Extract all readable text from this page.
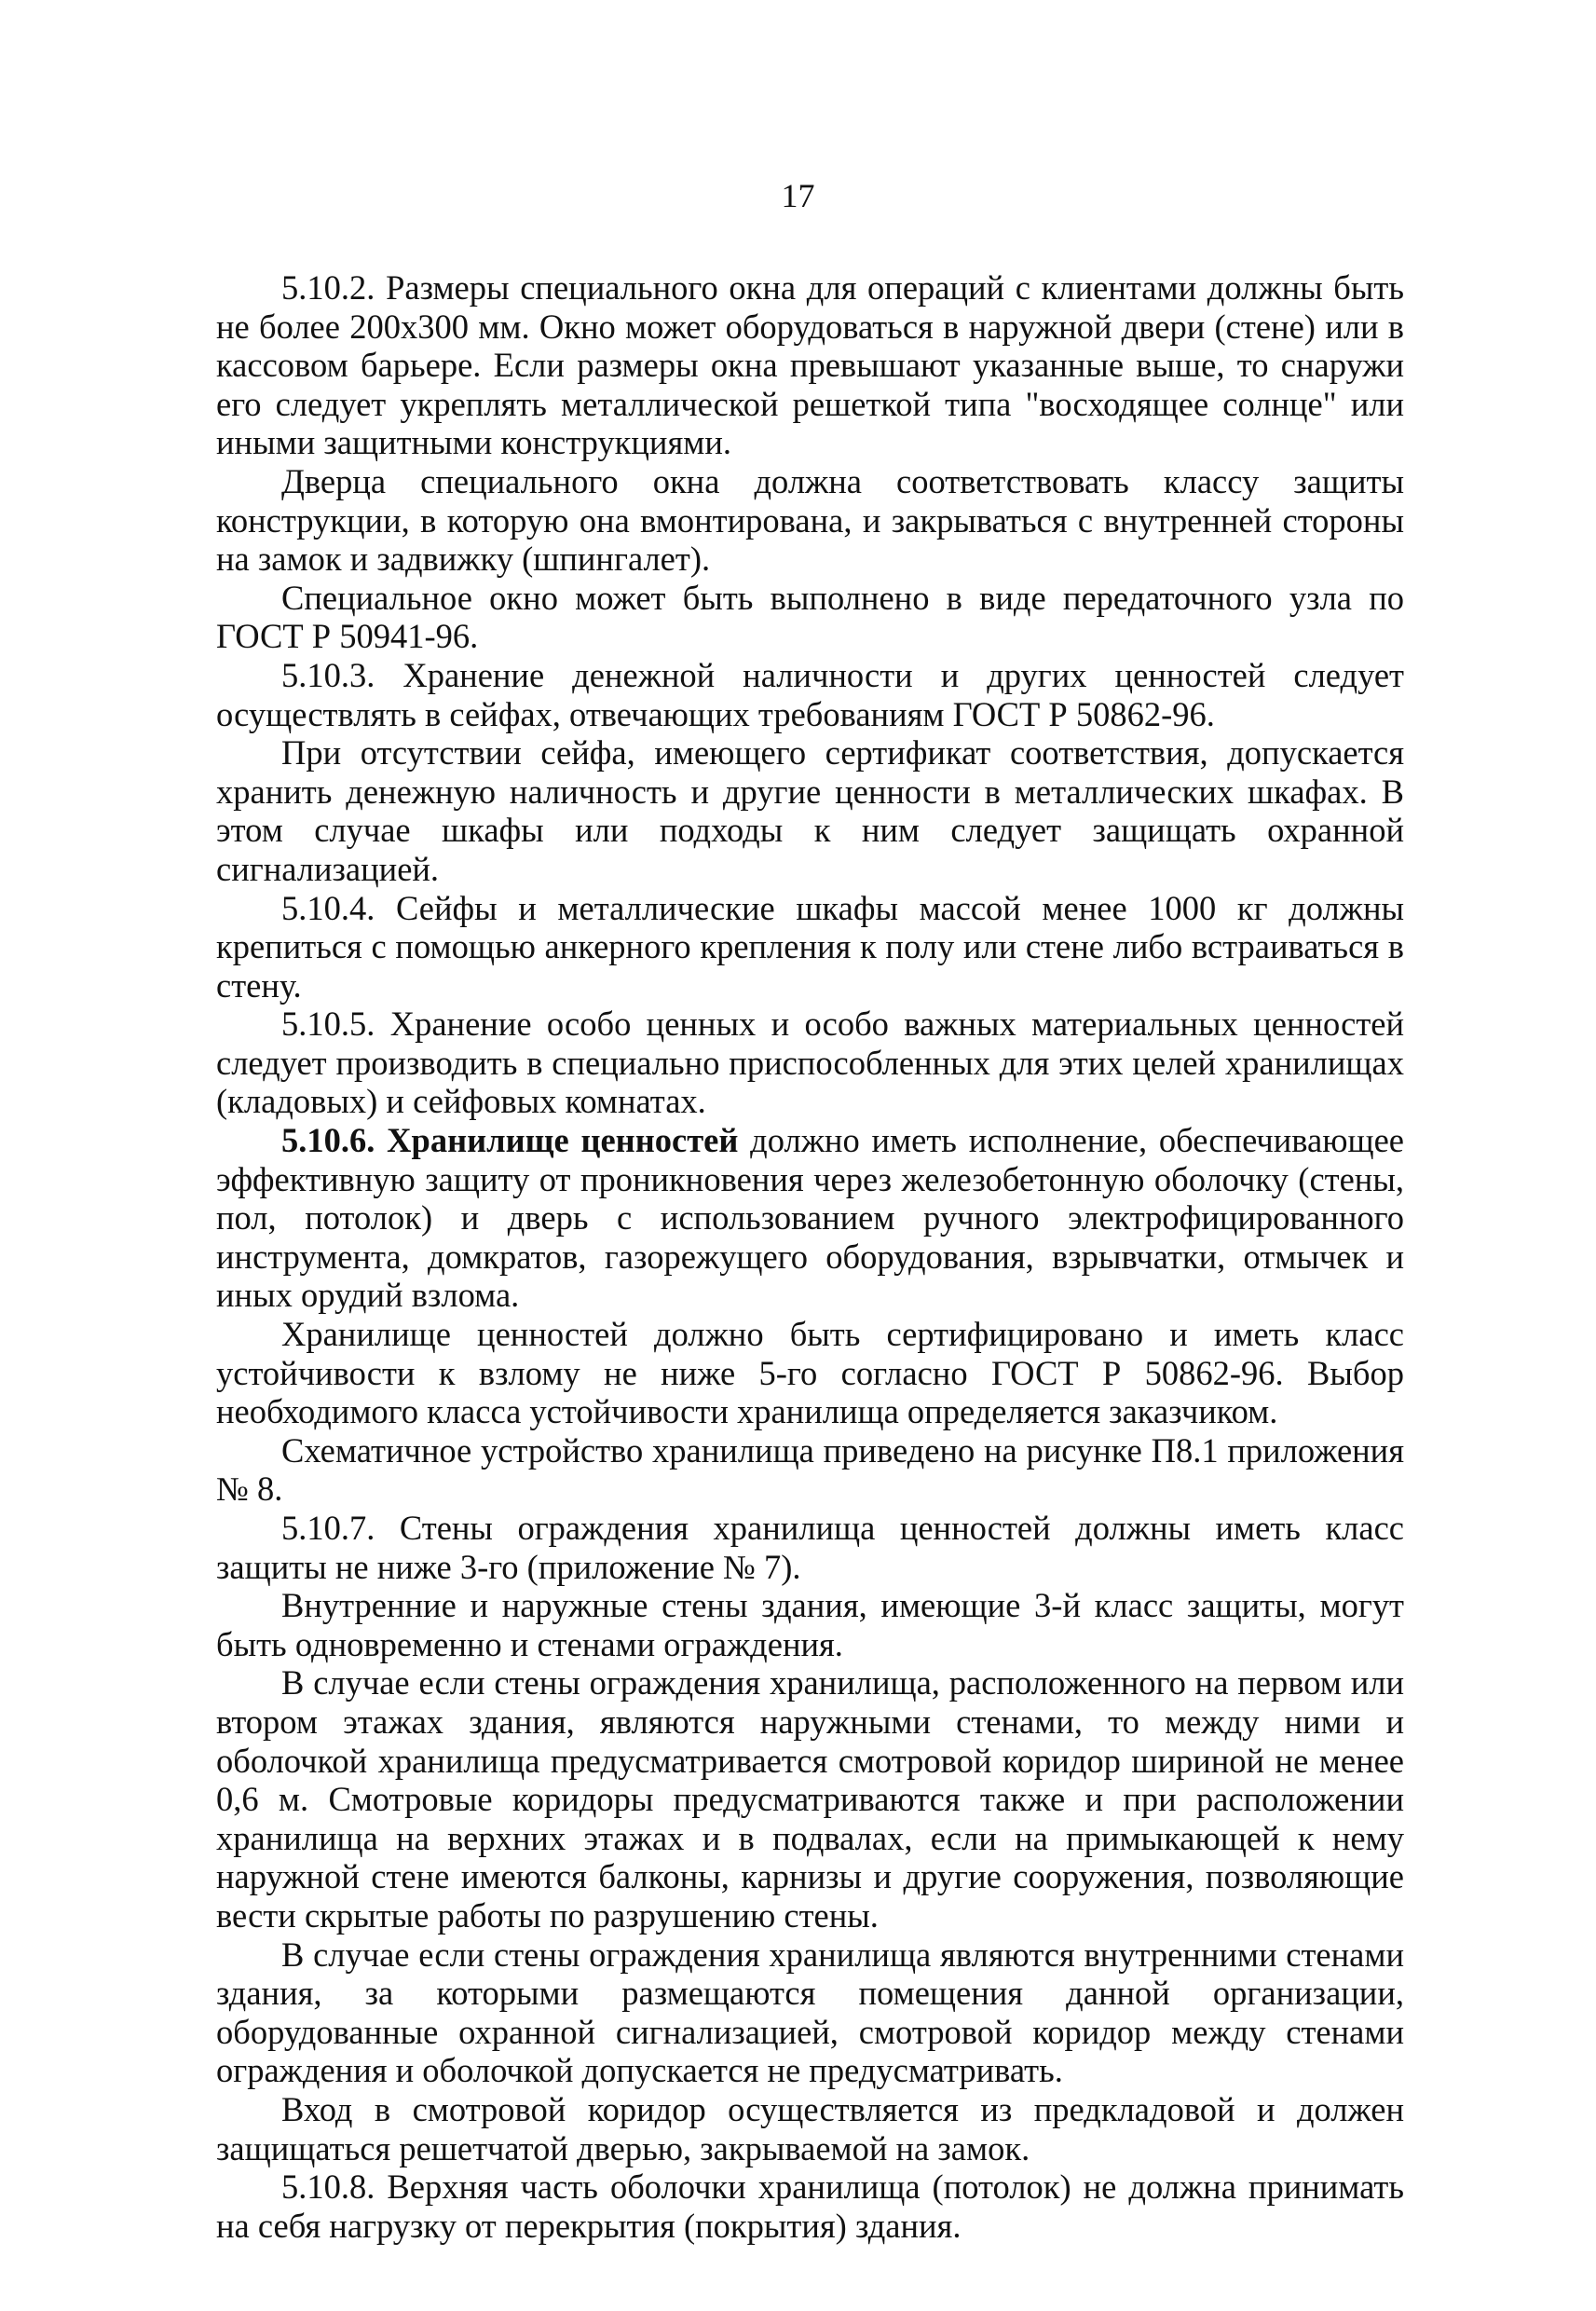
17

5.10.2. Размеры специального окна для операций с клиентами должны быть не более 200х300 мм. Окно может оборудоваться в наружной двери (стене) или в кассовом барьере. Если размеры окна превышают указанные выше, то снаружи его следует укреплять металлической решеткой типа "восходящее солнце" или иными защитными конструкциями.

Дверца специального окна должна соответствовать классу защиты конструкции, в которую она вмонтирована, и закрываться с внутренней стороны на замок и задвижку (шпингалет).

Специальное окно может быть выполнено в виде передаточного узла по ГОСТ Р 50941-96.

5.10.3. Хранение денежной наличности и других ценностей следует осуществлять в сейфах, отвечающих требованиям ГОСТ Р 50862-96.

При отсутствии сейфа, имеющего сертификат соответствия, допускается хранить денежную наличность и другие ценности в металлических шкафах. В этом случае шкафы или подходы к ним следует защищать охранной сигнализацией.

5.10.4. Сейфы и металлические шкафы массой менее 1000 кг должны крепиться с помощью анкерного крепления к полу или стене либо встраиваться в стену.

5.10.5. Хранение особо ценных и особо важных материальных ценностей следует производить в специально приспособленных для этих целей хранилищах (кладовых) и сейфовых комнатах.

5.10.6. Хранилище ценностей должно иметь исполнение, обеспечивающее эффективную защиту от проникновения через железобетонную оболочку (стены, пол, потолок) и дверь с использованием ручного электрофицированного инструмента, домкратов, газорежущего оборудования, взрывчатки, отмычек и иных орудий взлома.

Хранилище ценностей должно быть сертифицировано и иметь класс устойчивости к взлому не ниже 5-го согласно ГОСТ Р 50862-96. Выбор необходимого класса устойчивости хранилища определяется заказчиком.

Схематичное устройство хранилища приведено на рисунке П8.1 приложения № 8.

5.10.7. Стены ограждения хранилища ценностей должны иметь класс защиты не ниже 3-го (приложение № 7).

Внутренние и наружные стены здания, имеющие 3-й класс защиты, могут быть одновременно и стенами ограждения.

В случае если стены ограждения хранилища, расположенного на первом или втором этажах здания, являются наружными стенами, то между ними и оболочкой хранилища предусматривается смотровой коридор шириной не менее 0,6 м. Смотровые коридоры предусматриваются также и при расположении хранилища на верхних этажах и в подвалах, если на примыкающей к нему наружной стене имеются балконы, карнизы и другие сооружения, позволяющие вести скрытые работы по разрушению стены.

В случае если стены ограждения хранилища являются внутренними стенами здания, за которыми размещаются помещения данной организации, оборудованные охранной сигнализацией, смотровой коридор между стенами ограждения и оболочкой допускается не предусматривать.

Вход в смотровой коридор осуществляется из предкладовой и должен защищаться решетчатой дверью, закрываемой на замок.

5.10.8. Верхняя часть оболочки хранилища (потолок) не должна принимать на себя нагрузку от перекрытия (покрытия) здания.
